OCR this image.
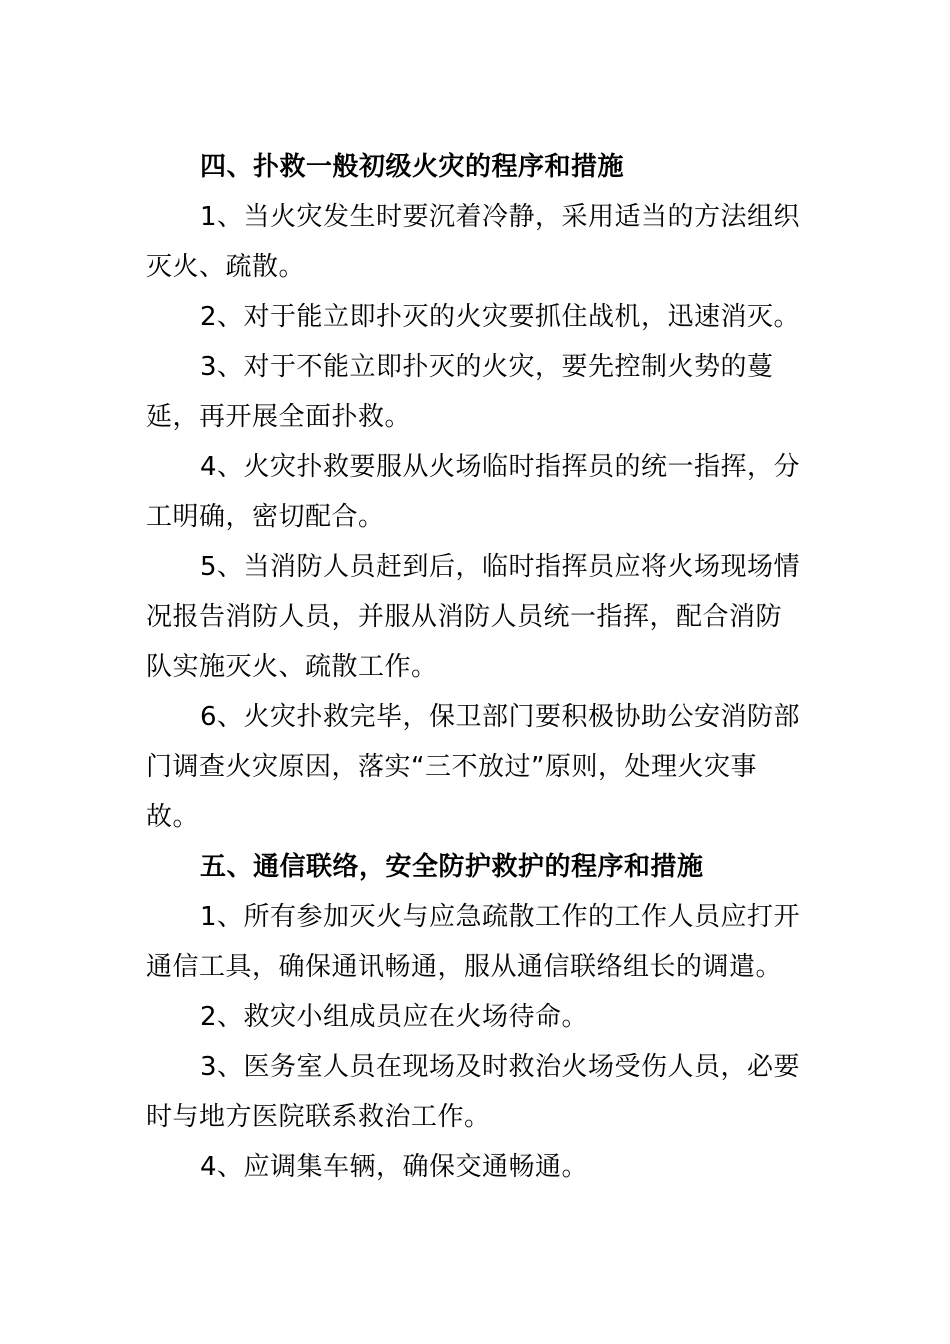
四、扑救一般初级火灾的程序和措施

1、当火灾发生时要沉着冷静，采用适当的方法组织灭火、疏散。

2、对于能立即扑灭的火灾要抓住战机，迅速消灭。

3、对于不能立即扑灭的火灾，要先控制火势的蔓延，再开展全面扑救。

4、火灾扑救要服从火场临时指挥员的统一指挥，分工明确，密切配合。

5、当消防人员赶到后，临时指挥员应将火场现场情况报告消防人员，并服从消防人员统一指挥，配合消防队实施灭火、疏散工作。

6、火灾扑救完毕，保卫部门要积极协助公安消防部门调查火灾原因，落实“三不放过”原则，处理火灾事故。

五、通信联络，安全防护救护的程序和措施

1、所有参加灭火与应急疏散工作的工作人员应打开通信工具，确保通讯畅通，服从通信联络组长的调遣。

2、救灾小组成员应在火场待命。

3、医务室人员在现场及时救治火场受伤人员，必要时与地方医院联系救治工作。

4、应调集车辆，确保交通畅通。
